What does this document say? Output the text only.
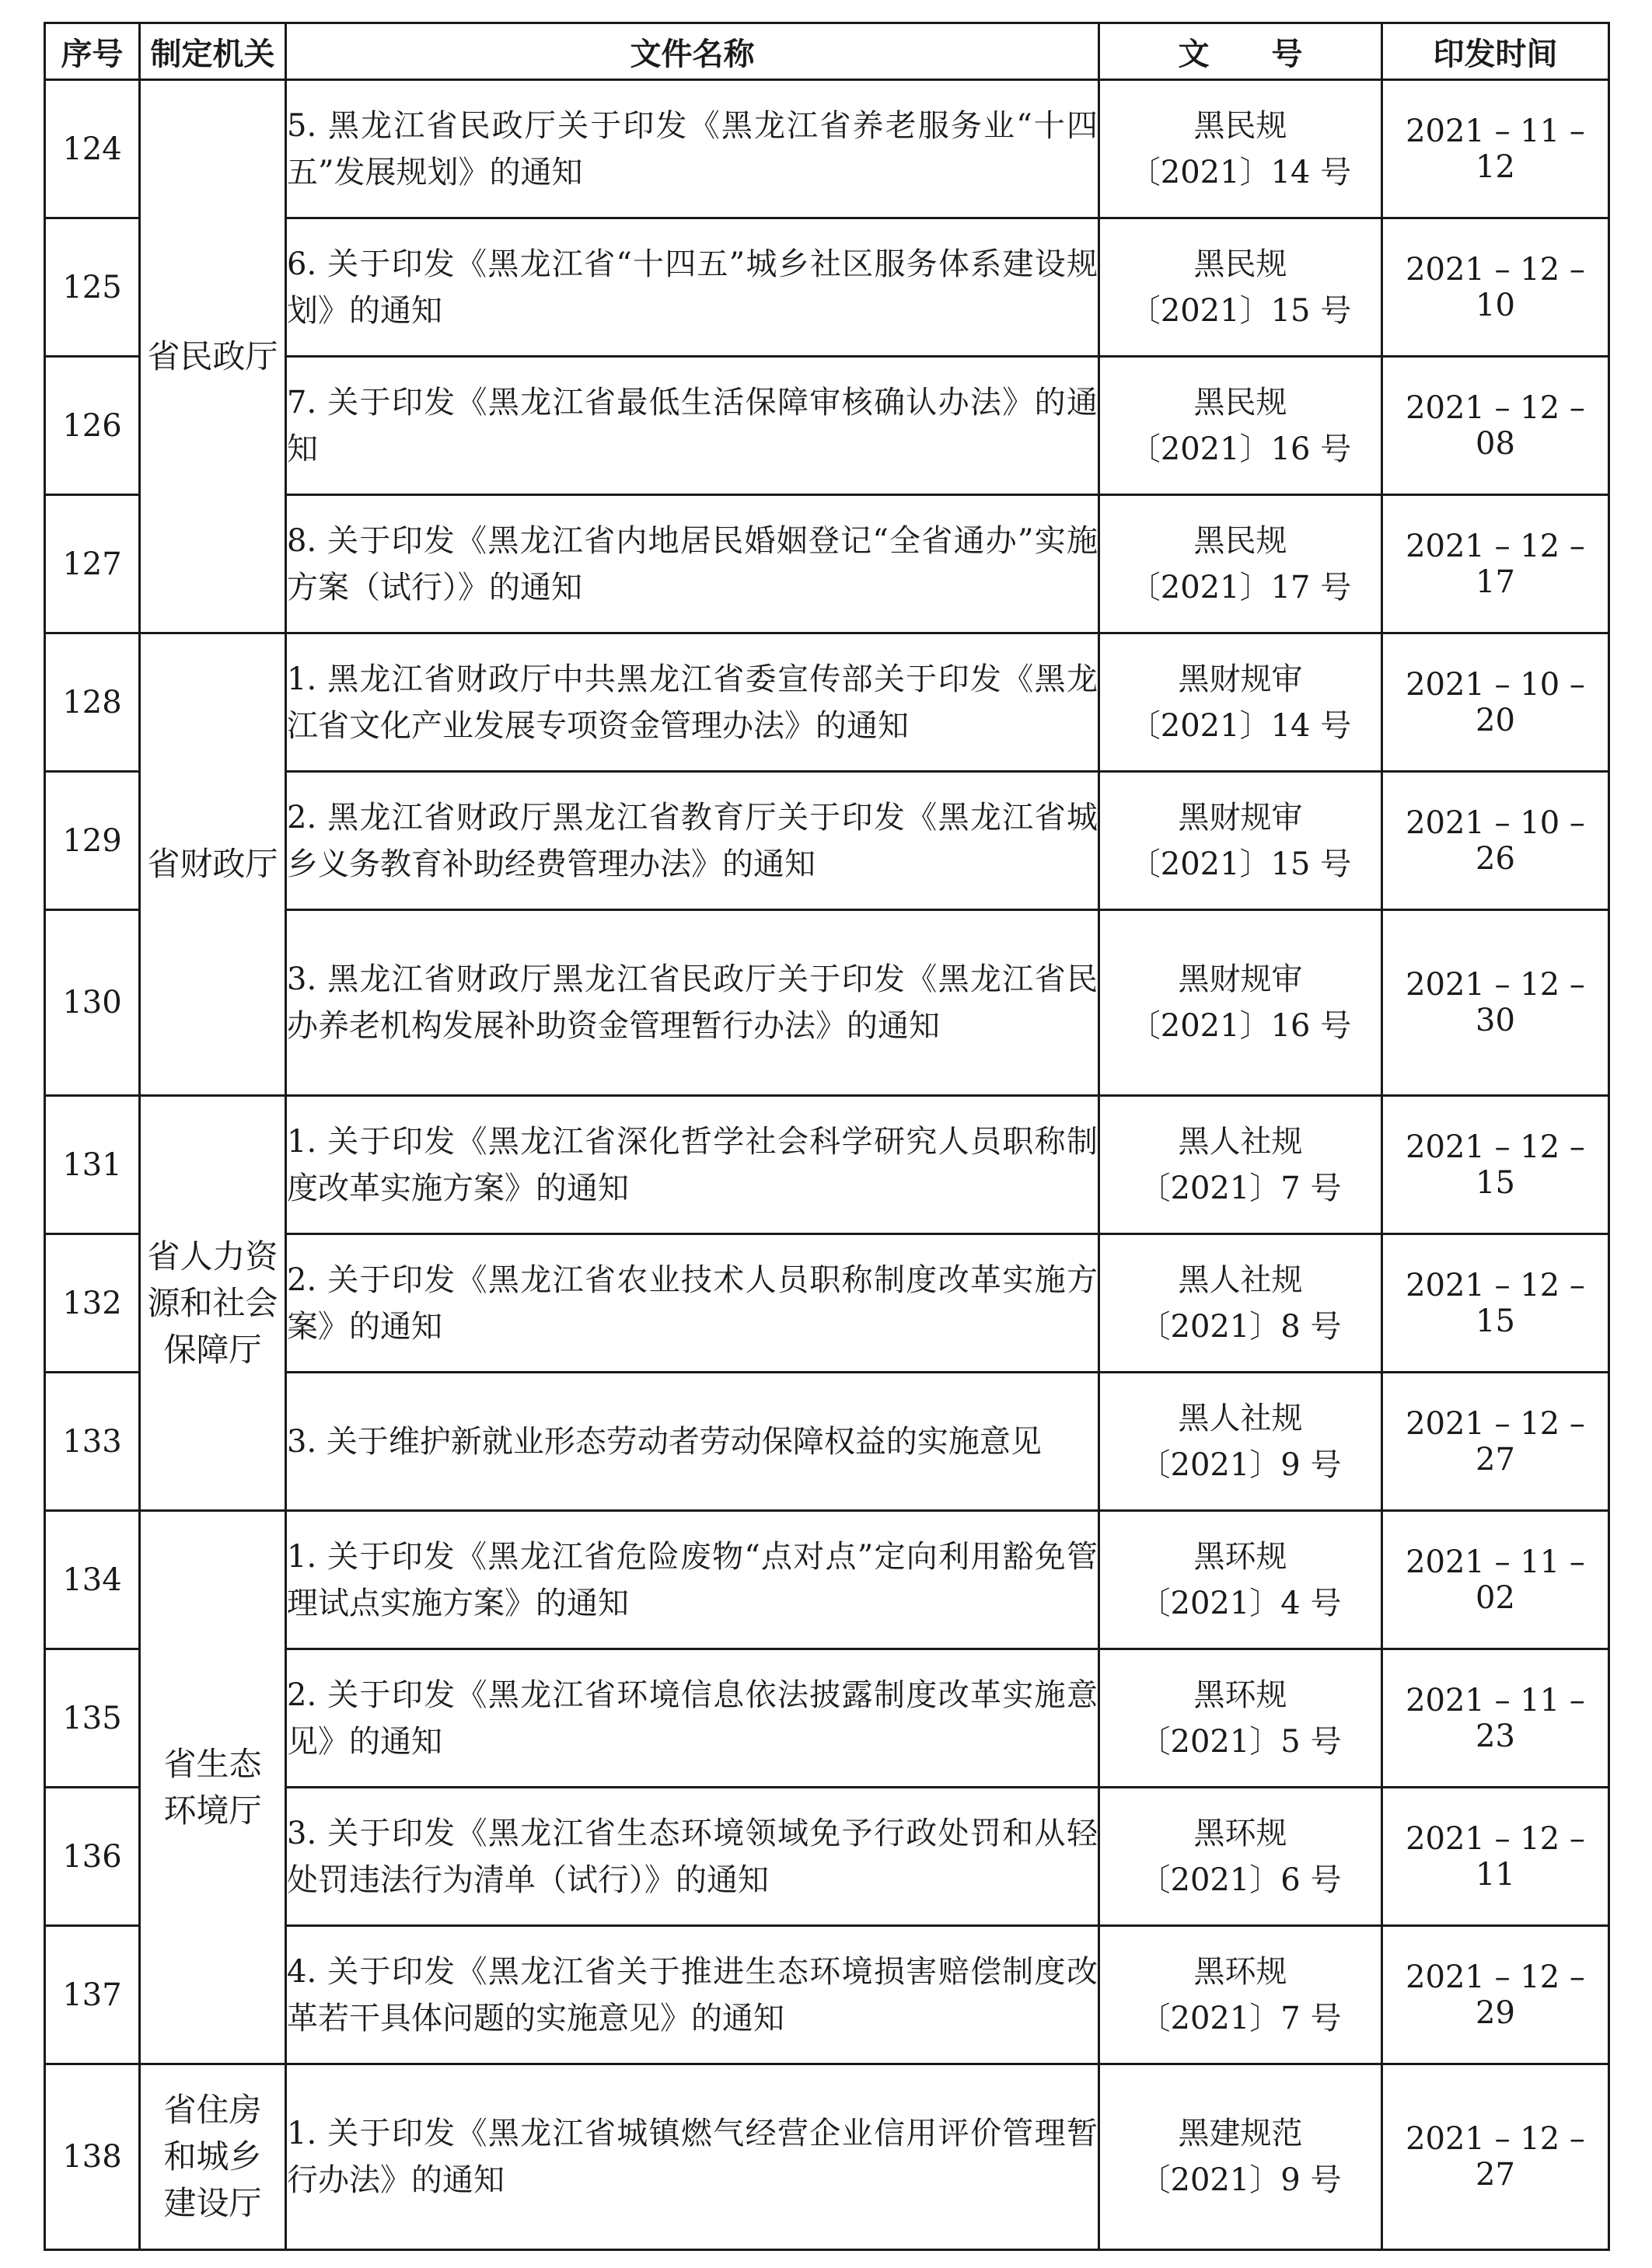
序号	制定机关	文件名称	文　　号	印发时间
124	省民政厅	5. 黑龙江省民政厅关于印发《黑龙江省养老服务业“十四五”发展规划》的通知	黑民规
〔2021〕14 号	2021 – 11 – 12
125		6. 关于印发《黑龙江省“十四五”城乡社区服务体系建设规划》的通知	黑民规
〔2021〕15 号	2021 – 12 – 10
126		7. 关于印发《黑龙江省最低生活保障审核确认办法》的通知	黑民规
〔2021〕16 号	2021 – 12 – 08
127		8. 关于印发《黑龙江省内地居民婚姻登记“全省通办”实施方案（试行）》的通知	黑民规
〔2021〕17 号	2021 – 12 – 17
128	省财政厅	1. 黑龙江省财政厅中共黑龙江省委宣传部关于印发《黑龙江省文化产业发展专项资金管理办法》的通知	黑财规审
〔2021〕14 号	2021 – 10 – 20
129		2. 黑龙江省财政厅黑龙江省教育厅关于印发《黑龙江省城乡义务教育补助经费管理办法》的通知	黑财规审
〔2021〕15 号	2021 – 10 – 26
130		3. 黑龙江省财政厅黑龙江省民政厅关于印发《黑龙江省民办养老机构发展补助资金管理暂行办法》的通知	黑财规审
〔2021〕16 号	2021 – 12 – 30
131	省人力资
源和社会
保障厅	1. 关于印发《黑龙江省深化哲学社会科学研究人员职称制度改革实施方案》的通知	黑人社规
〔2021〕7 号	2021 – 12 – 15
132		2. 关于印发《黑龙江省农业技术人员职称制度改革实施方案》的通知	黑人社规
〔2021〕8 号	2021 – 12 – 15
133		3. 关于维护新就业形态劳动者劳动保障权益的实施意见	黑人社规
〔2021〕9 号	2021 – 12 – 27
134	省生态
环境厅	1. 关于印发《黑龙江省危险废物“点对点”定向利用豁免管理试点实施方案》的通知	黑环规
〔2021〕4 号	2021 – 11 – 02
135		2. 关于印发《黑龙江省环境信息依法披露制度改革实施意见》的通知	黑环规
〔2021〕5 号	2021 – 11 – 23
136		3. 关于印发《黑龙江省生态环境领域免予行政处罚和从轻处罚违法行为清单（试行）》的通知	黑环规
〔2021〕6 号	2021 – 12 – 11
137		4. 关于印发《黑龙江省关于推进生态环境损害赔偿制度改革若干具体问题的实施意见》的通知	黑环规
〔2021〕7 号	2021 – 12 – 29
138	省住房
和城乡
建设厅	1. 关于印发《黑龙江省城镇燃气经营企业信用评价管理暂行办法》的通知	黑建规范
〔2021〕9 号	2021 – 12 – 27
